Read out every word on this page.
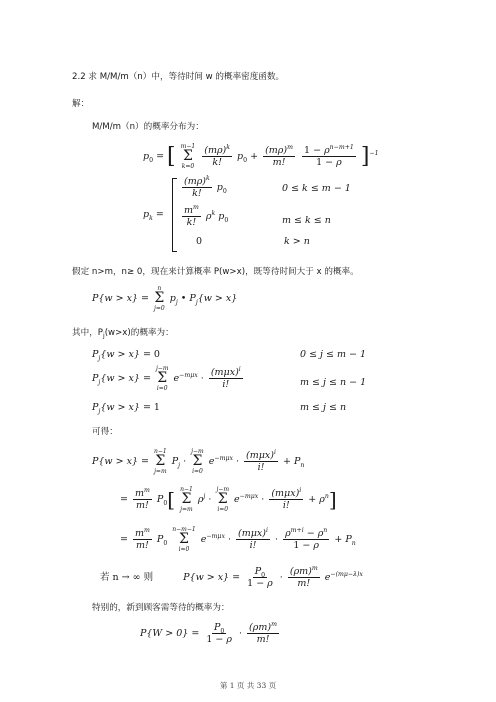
2.2 求 M/M/m（n）中，等待时间 w 的概率密度函数。
解：
M/M/m（n）的概率分布为：
$p_0$ = [ m−1
Σ
k=0
$\frac{(m\rho)^k}{k!} p_0 + \frac{(m\rho)^m}{m!}$
$\frac{1 - \rho^{n-m+1}}{1 - \rho} ]^{-1}$
$p_k$ =
$\frac{(m\rho)^k}{k!} p_0$	0 ≤ k ≤ m − 1
$\frac{m^m}{k!} \rho^k$ $p_0$	m ≤ k ≤ n
0	k > n
假定 n>m，n≥ 0，现在来计算概率 P(w>x)，既等待时间大于 x 的概率。
P{w > x} =
n
Σ
j=0
$p_j$ • $P_j\{w > x\}$
其中，$P_j(w>x)$的概率为：
$P_j\{w > x\} = 0$	0 ≤ j ≤ m − 1
$P_j\{w > x\}$ =
j−m
Σ
i=0
$e^{-m\mu x} \cdot \frac{(m\mu x)^i}{i!}$	m ≤ j ≤ n − 1
$P_j\{w > x\} = 1$	m ≤ j ≤ n
可得：
P{w > x} =
n−1
Σ
j=m
$P_j$ ·
j−m
Σ
i=0
$e^{-m\mu x} \cdot \frac{(m\mu x)^i}{i!} + P_n$
= $\frac{m^m}{m!} P_0$[ n−1
Σ
j=m
$\rho^j$ ·
j−m
Σ
i=0
$e^{-m\mu x} \cdot \frac{(m\mu x)^i}{i!} + \rho^n$]
= $\frac{m^m}{m!} P_0$
n−m−1
Σ
i=0
$e^{-m\mu x} \cdot \frac{(m\mu x)^i}{i!} \cdot \frac{\rho^{m+i} - \rho^n}{1 - \rho} + P_n$
若 n → ∞ 则	$P\{w > x\} = \frac{P_0}{1 - \rho} \cdot \frac{(\rho m)^m}{m!} e^{-(m\mu-\lambda)x}$
特别的，新到顾客需等待的概率为：
$P\{W > 0\} = \frac{P_0}{1 - \rho} \cdot \frac{(\rho m)^m}{m!}$
第 1 页 共 33 页
